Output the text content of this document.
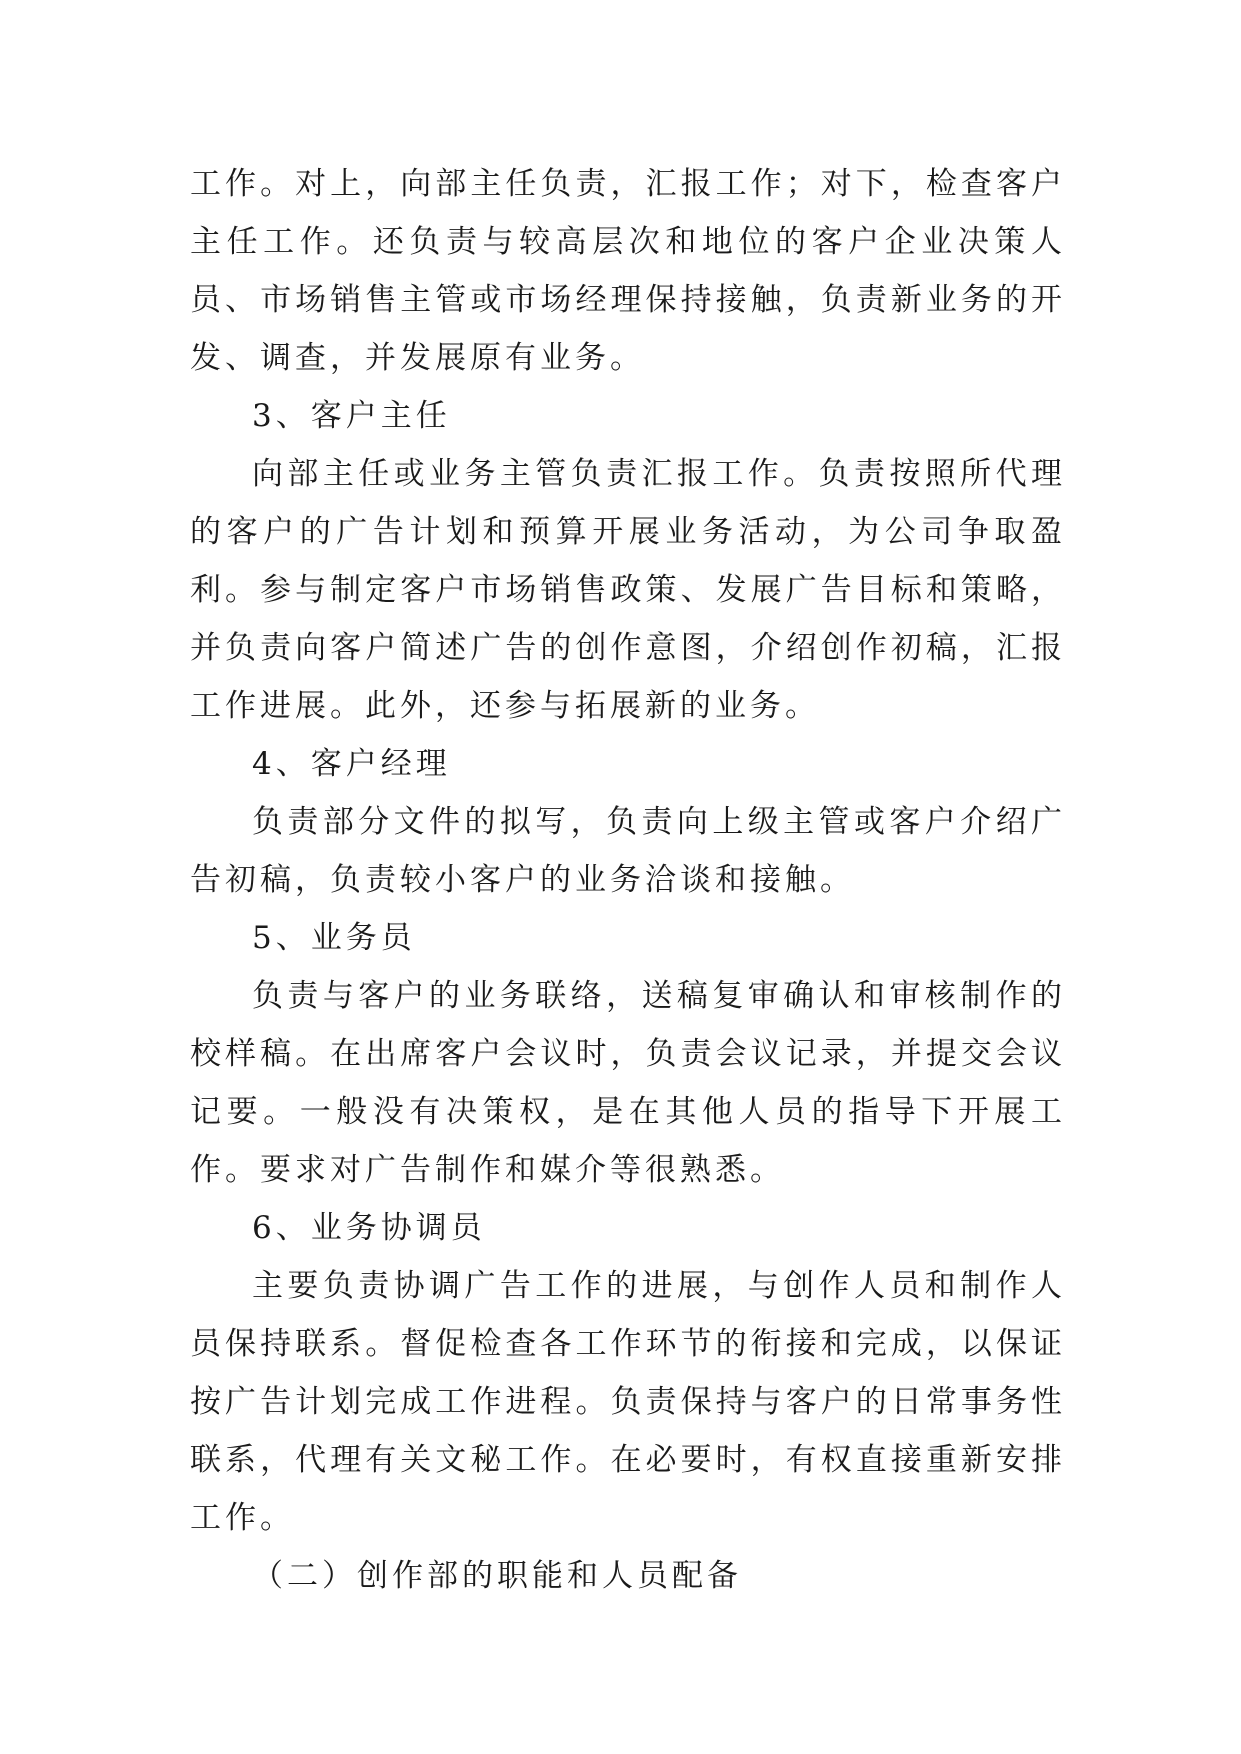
工作。对上，向部主任负责，汇报工作；对下，检查客户主任工作。还负责与较高层次和地位的客户企业决策人员、市场销售主管或市场经理保持接触，负责新业务的开发、调查，并发展原有业务。

3、客户主任

向部主任或业务主管负责汇报工作。负责按照所代理的客户的广告计划和预算开展业务活动，为公司争取盈利。参与制定客户市场销售政策、发展广告目标和策略，并负责向客户简述广告的创作意图，介绍创作初稿，汇报工作进展。此外，还参与拓展新的业务。

4、客户经理

负责部分文件的拟写，负责向上级主管或客户介绍广告初稿，负责较小客户的业务洽谈和接触。

5、业务员

负责与客户的业务联络，送稿复审确认和审核制作的校样稿。在出席客户会议时，负责会议记录，并提交会议记要。一般没有决策权，是在其他人员的指导下开展工作。要求对广告制作和媒介等很熟悉。

6、业务协调员

主要负责协调广告工作的进展，与创作人员和制作人员保持联系。督促检查各工作环节的衔接和完成，以保证按广告计划完成工作进程。负责保持与客户的日常事务性联系，代理有关文秘工作。在必要时，有权直接重新安排工作。

（二）创作部的职能和人员配备
